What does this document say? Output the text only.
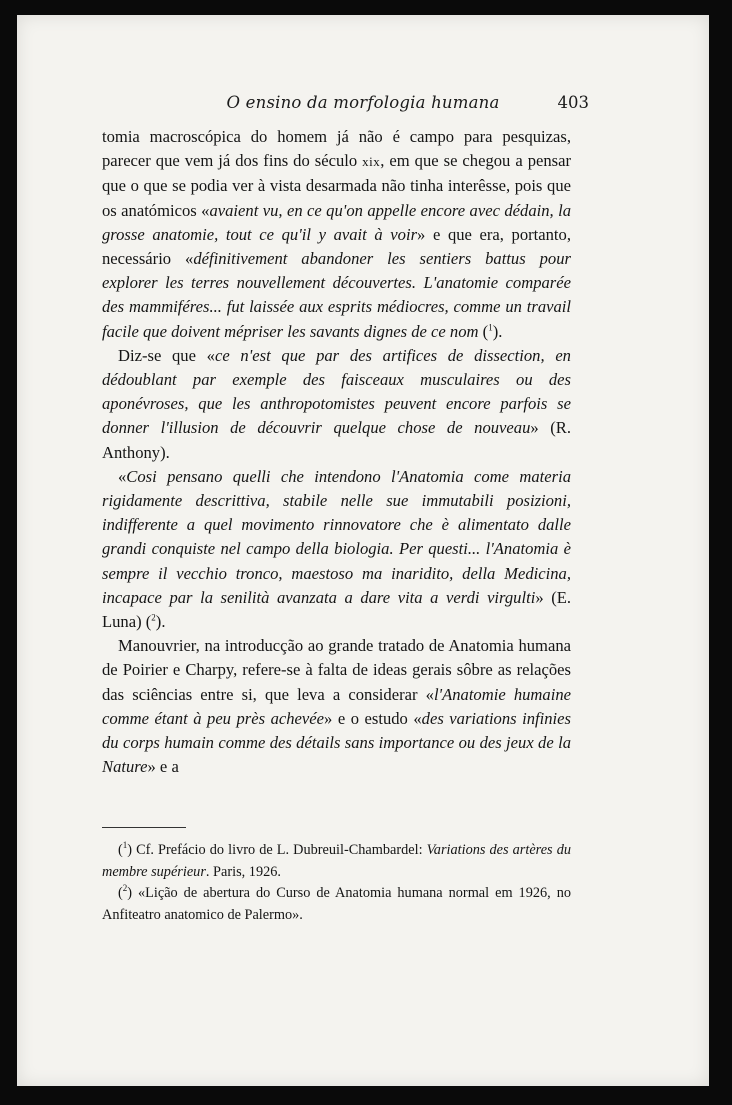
O ensino da morfologia humana	403

tomia macroscópica do homem já não é campo para pesquizas, parecer que vem já dos fins do século xix, em que se chegou a pensar que o que se podia ver à vista desarmada não tinha interêsse, pois que os anatómicos «avaient vu, en ce qu'on appelle encore avec dédain, la grosse anatomie, tout ce qu'il y avait à voir» e que era, portanto, necessário «définitivement abandoner les sentiers battus pour explorer les terres nouvellement découvertes. L'anatomie comparée des mammiféres... fut laissée aux esprits médiocres, comme un travail facile que doivent mépriser les savants dignes de ce nom ($^1$).

Diz-se que «ce n'est que par des artifices de dissection, en dédoublant par exemple des faisceaux musculaires ou des aponévroses, que les anthropotomistes peuvent encore parfois se donner l'illusion de découvrir quelque chose de nouveau» (R. Anthony).

«Cosi pensano quelli che intendono l'Anatomia come materia rigidamente descrittiva, stabile nelle sue immutabili posizioni, indifferente a quel movimento rinnovatore che è alimentato dalle grandi conquiste nel campo della biologia. Per questi... l'Anatomia è sempre il vecchio tronco, maestoso ma inaridito, della Medicina, incapace par la senilità avanzata a dare vita a verdi virgulti» (E. Luna) ($^2$).

Manouvrier, na introducção ao grande tratado de Anatomia humana de Poirier e Charpy, refere-se à falta de ideas gerais sôbre as relações das sciências entre si, que leva a considerar «l'Anatomie humaine comme étant à peu près achevée» e o estudo «des variations infinies du corps humain comme des détails sans importance ou des jeux de la Nature» e a

($^1$) Cf. Prefácio do livro de L. Dubreuil-Chambardel: Variations des artères du membre supérieur. Paris, 1926.

($^2$) «Lição de abertura do Curso de Anatomia humana normal em 1926, no Anfiteatro anatomico de Palermo».
